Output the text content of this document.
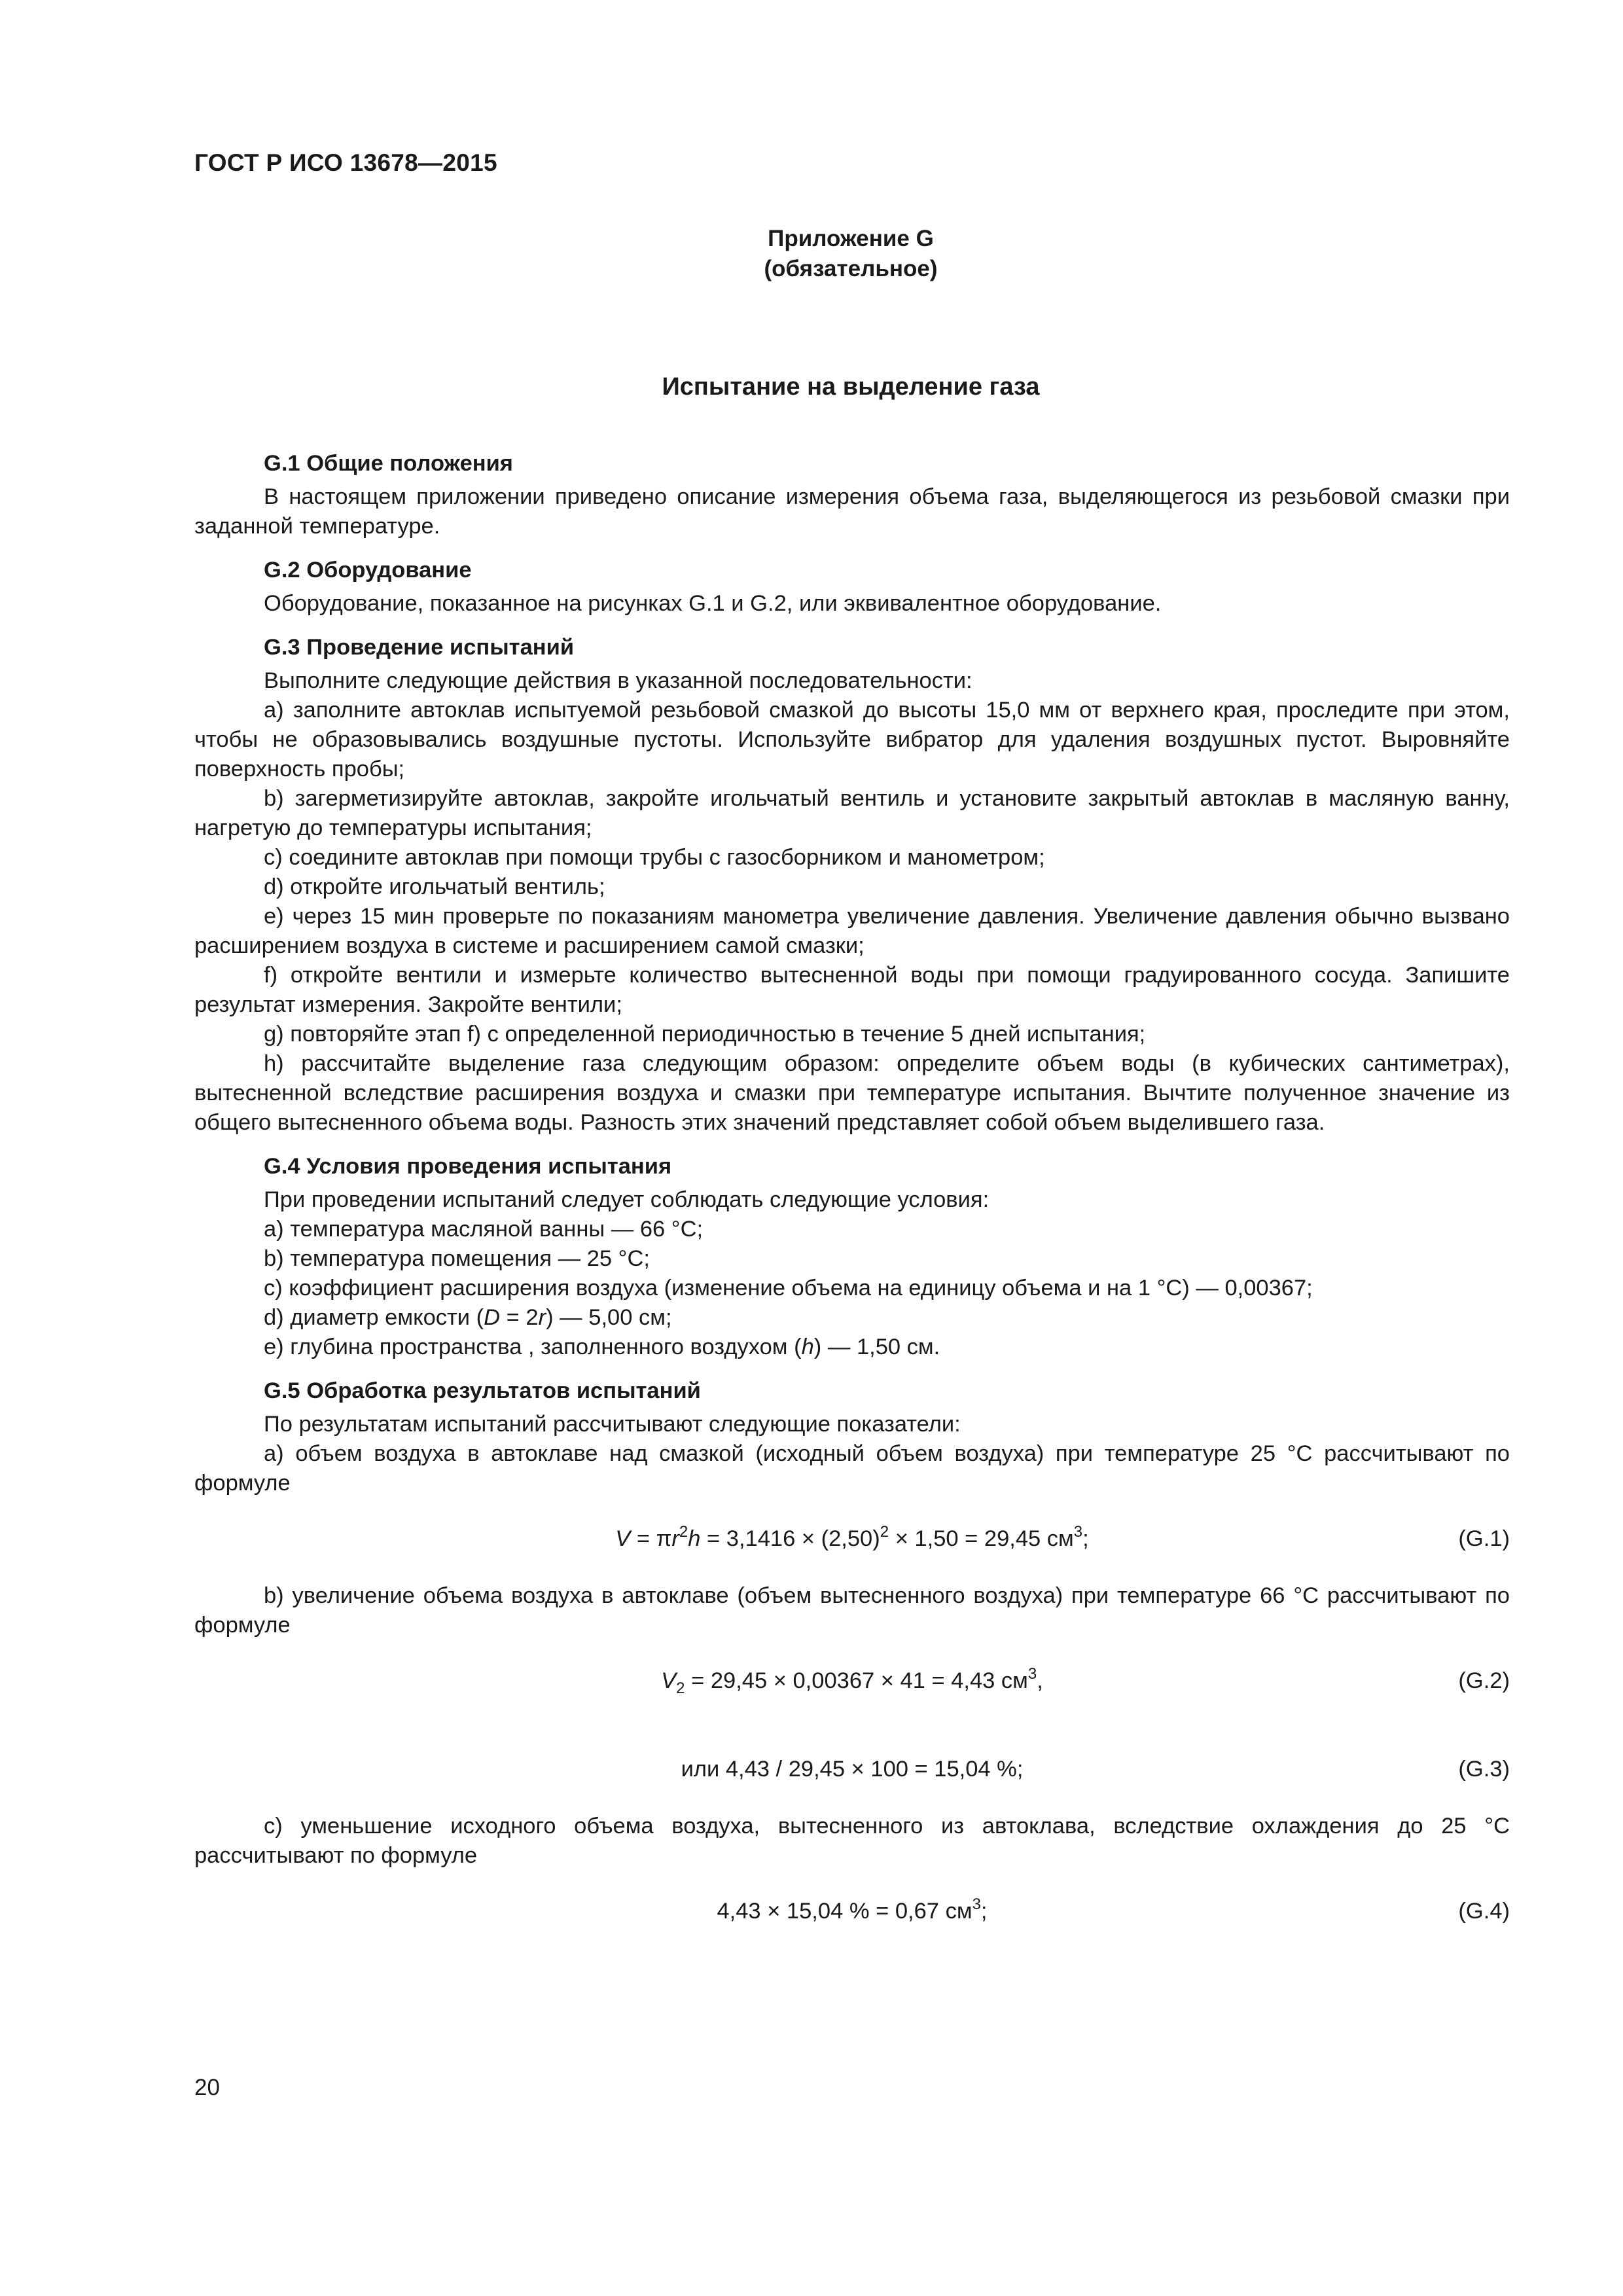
ГОСТ Р ИСО 13678—2015
Приложение G
(обязательное)
Испытание на выделение газа

G.1 Общие положения

В настоящем приложении приведено описание измерения объема газа, выделяющегося из резьбовой смазки при заданной температуре.

G.2 Оборудование

Оборудование, показанное на рисунках G.1 и G.2, или эквивалентное оборудование.

G.3 Проведение испытаний

Выполните следующие действия в указанной последовательности:

a) заполните автоклав испытуемой резьбовой смазкой до высоты 15,0 мм от верхнего края, проследите при этом, чтобы не образовывались воздушные пустоты. Используйте вибратор для удаления воздушных пустот. Выровняйте поверхность пробы;

b) загерметизируйте автоклав, закройте игольчатый вентиль и установите закрытый автоклав в масляную ванну, нагретую до температуры испытания;

c) соедините автоклав при помощи трубы с газосборником и манометром;

d) откройте игольчатый вентиль;

e) через 15 мин проверьте по показаниям манометра увеличение давления. Увеличение давления обычно вызвано расширением воздуха в системе и расширением самой смазки;

f) откройте вентили и измерьте количество вытесненной воды при помощи градуированного сосуда. Запишите результат измерения. Закройте вентили;

g) повторяйте этап f) с определенной периодичностью в течение 5 дней испытания;

h) рассчитайте выделение газа следующим образом: определите объем воды (в кубических сантиметрах), вытесненной вследствие расширения воздуха и смазки при температуре испытания. Вычтите полученное значение из общего вытесненного объема воды. Разность этих значений представляет собой объем выделившего газа.

G.4 Условия проведения испытания

При проведении испытаний следует соблюдать следующие условия:

a) температура масляной ванны — 66 °C;

b) температура помещения — 25 °C;

c) коэффициент расширения воздуха (изменение объема на единицу объема и на 1 °C) — 0,00367;

d) диаметр емкости (D = 2r) — 5,00 см;

e) глубина пространства , заполненного воздухом (h) — 1,50 см.

G.5 Обработка результатов испытаний

По результатам испытаний рассчитывают следующие показатели:

a) объем воздуха в автоклаве над смазкой (исходный объем воздуха) при температуре 25 °C рассчитывают по формуле

$V = \pi r^2h = 3,1416 \times (2,50)^2 \times 1,50 = 29,45$ $см^3$;	(G.1)

b) увеличение объема воздуха в автоклаве (объем вытесненного воздуха) при температуре 66 °C рассчитывают по формуле

$V_2 = 29,45 \times 0,00367 \times 41 = 4,43$ $см^3$,	(G.2)
или 4,43 / 29,45 × 100 = 15,04 %;	(G.3)

c) уменьшение исходного объема воздуха, вытесненного из автоклава, вследствие охлаждения до 25 °C рассчитывают по формуле

4,43 × 15,04 % = 0,67 $см^3$;	(G.4)
20
